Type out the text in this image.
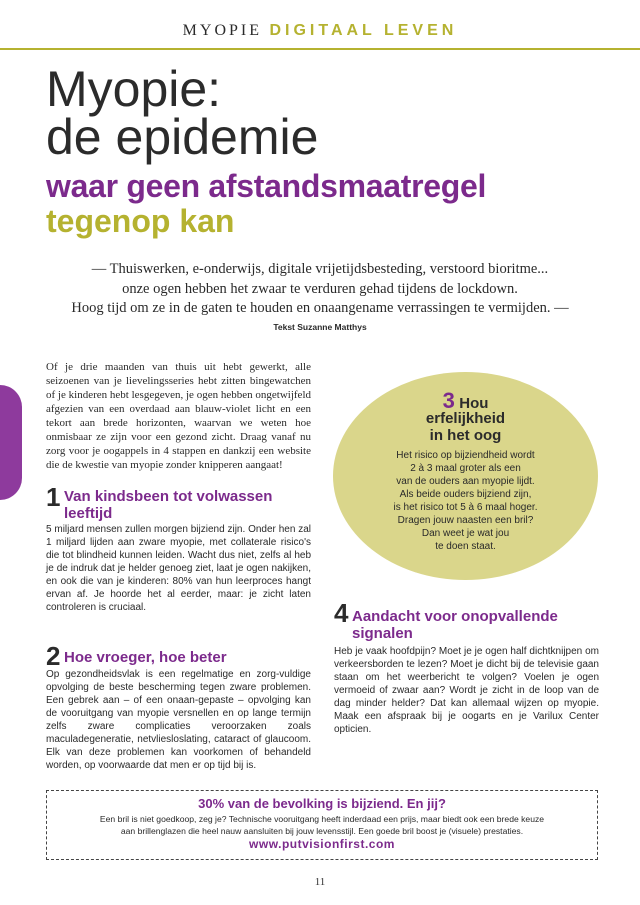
MYOPIE DIGITAAL LEVEN
Myopie:
de epidemie
waar geen afstandsmaatregel
tegenop kan
— Thuiswerken, e-onderwijs, digitale vrijetijdsbesteding, verstoord bioritme...
onze ogen hebben het zwaar te verduren gehad tijdens de lockdown.
Hoog tijd om ze in de gaten te houden en onaangename verrassingen te vermijden. —
Tekst Suzanne Matthys
Of je drie maanden van thuis uit hebt gewerkt, alle seizoenen van je lievelingsseries hebt zitten bingewatchen of je kinderen hebt lesgegeven, je ogen hebben ongetwijfeld afgezien van een overdaad aan blauw-violet licht en een tekort aan brede horizonten, waarvan we weten hoe onmisbaar ze zijn voor een gezond zicht. Draag vanaf nu zorg voor je oogappels in 4 stappen en dankzij een website die de kwestie van myopie zonder knipperen aangaat!
1 Van kindsbeen tot volwassen leeftijd
5 miljard mensen zullen morgen bijziend zijn. Onder hen zal 1 miljard lijden aan zware myopie, met collaterale risico's die tot blindheid kunnen leiden. Wacht dus niet, zelfs al heb je de indruk dat je helder genoeg ziet, laat je ogen nakijken, en ook die van je kinderen: 80% van hun leerproces hangt ervan af. Je hoorde het al eerder, maar: je zicht laten controleren is cruciaal.
2 Hoe vroeger, hoe beter
Op gezondheidsvlak is een regelmatige en zorg-vuldige opvolging de beste bescherming tegen zware problemen. Een gebrek aan – of een onaan-gepaste – opvolging kan de vooruitgang van myopie versnellen en op lange termijn zelfs zware complicaties veroorzaken zoals maculadegeneratie, netvliesloslating, cataract of glaucoom. Elk van deze problemen kan voorkomen of behandeld worden, op voorwaarde dat men er op tijd bij is.
3 Hou
erfelijkheid
in het oog
Het risico op bijziendheid wordt
2 à 3 maal groter als een
van de ouders aan myopie lijdt.
Als beide ouders bijziend zijn,
is het risico tot 5 à 6 maal hoger.
Dragen jouw naasten een bril?
Dan weet je wat jou
te doen staat.
4 Aandacht voor onopvallende signalen
Heb je vaak hoofdpijn? Moet je je ogen half dichtknijpen om verkeersborden te lezen? Moet je dicht bij de televisie gaan staan om het weerbericht te volgen? Voelen je ogen vermoeid of zwaar aan? Wordt je zicht in de loop van de dag minder helder? Dat kan allemaal wijzen op myopie. Maak een afspraak bij je oogarts en je Varilux Center opticien.
30% van de bevolking is bijziend. En jij?
Een bril is niet goedkoop, zeg je? Technische vooruitgang heeft inderdaad een prijs, maar biedt ook een brede keuze
aan brillenglazen die heel nauw aansluiten bij jouw levensstijl. Een goede bril boost je (visuele) prestaties.
www.putvisionfirst.com
11
